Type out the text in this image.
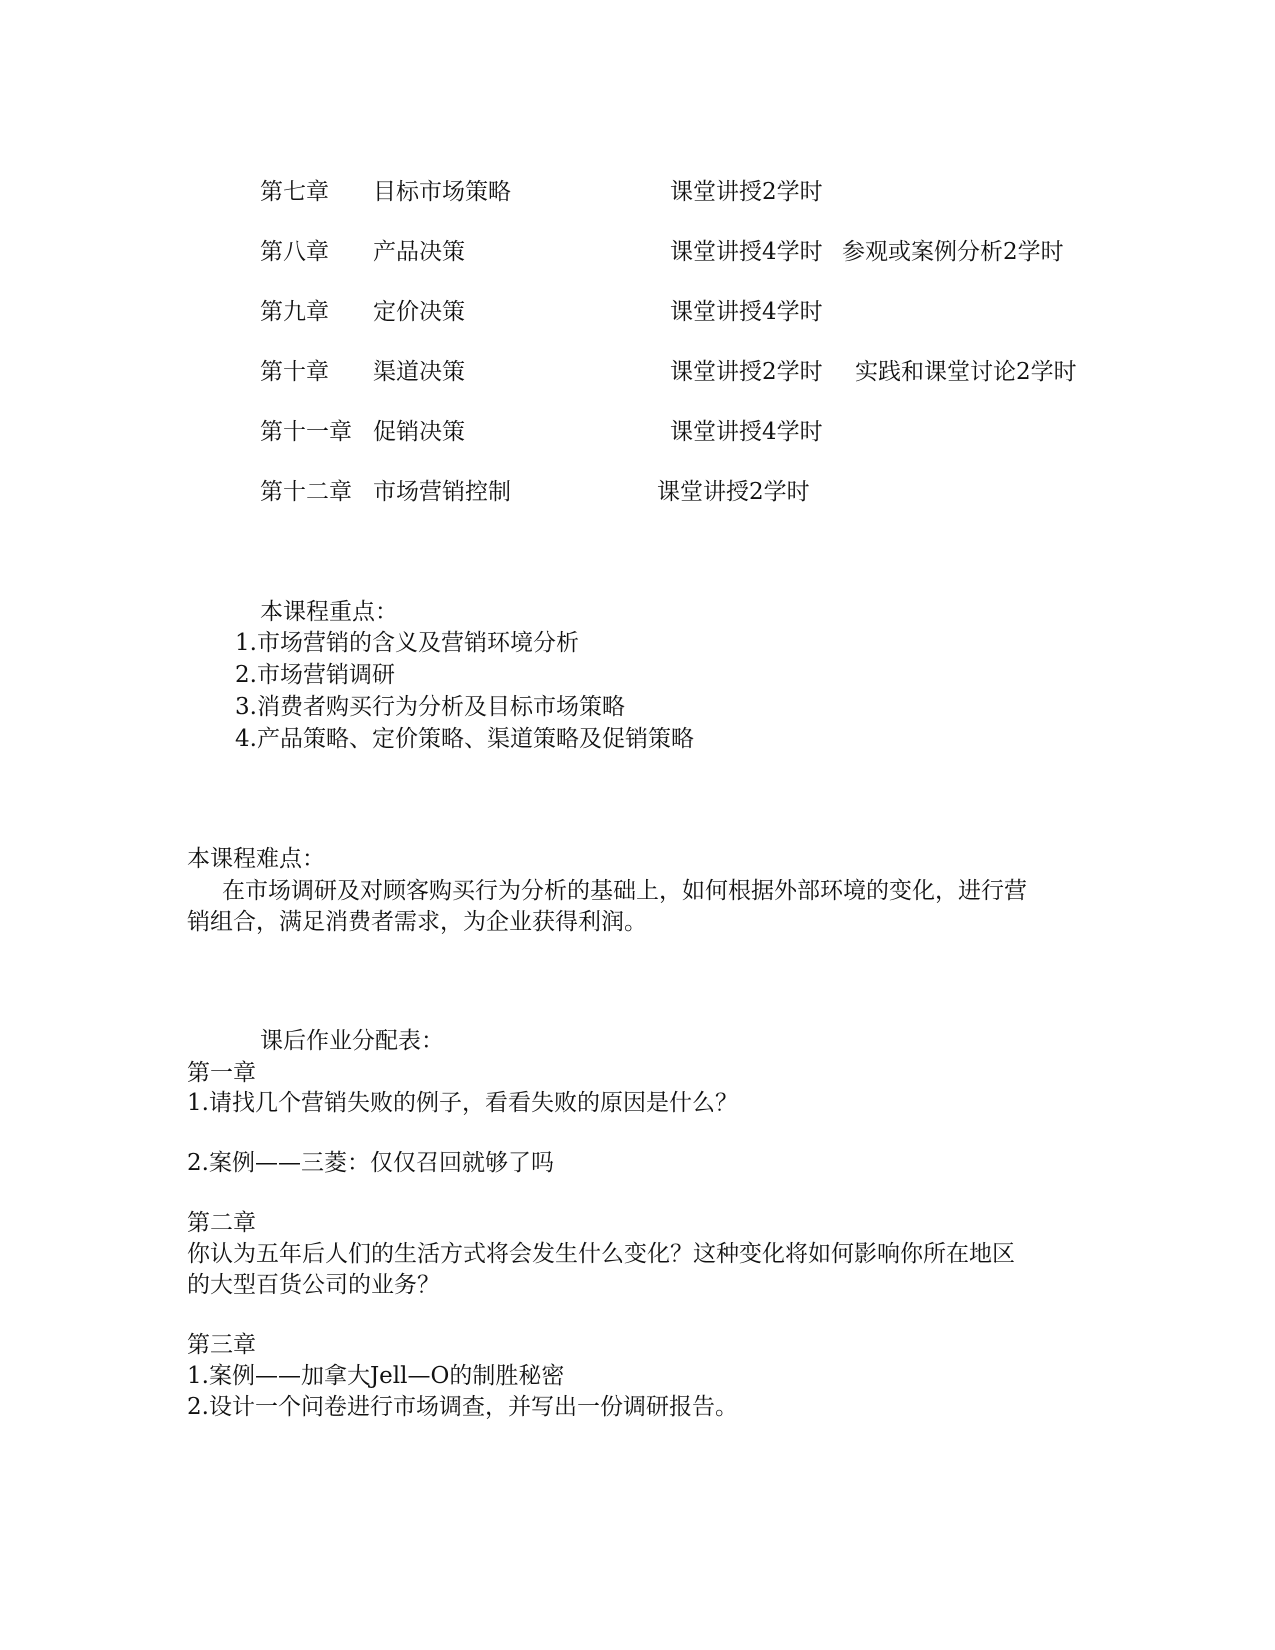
第七章 目标市场策略	课堂讲授2学时
第八章 产品决策	课堂讲授4学时 参观或案例分析2学时
第九章 定价决策	课堂讲授4学时
第十章 渠道决策	课堂讲授2学时 实践和课堂讨论2学时
第十一章 促销决策	课堂讲授4学时
第十二章 市场营销控制	课堂讲授2学时
本课程重点：
1.市场营销的含义及营销环境分析
2.市场营销调研
3.消费者购买行为分析及目标市场策略
4.产品策略、定价策略、渠道策略及促销策略
本课程难点：
在市场调研及对顾客购买行为分析的基础上，如何根据外部环境的变化，进行营
销组合，满足消费者需求，为企业获得利润。
课后作业分配表：
第一章
1.请找几个营销失败的例子，看看失败的原因是什么？
2.案例——三菱：仅仅召回就够了吗
第二章
你认为五年后人们的生活方式将会发生什么变化？这种变化将如何影响你所在地区
的大型百货公司的业务？
第三章
1.案例——加拿大Jell—O的制胜秘密
2.设计一个问卷进行市场调查，并写出一份调研报告。
